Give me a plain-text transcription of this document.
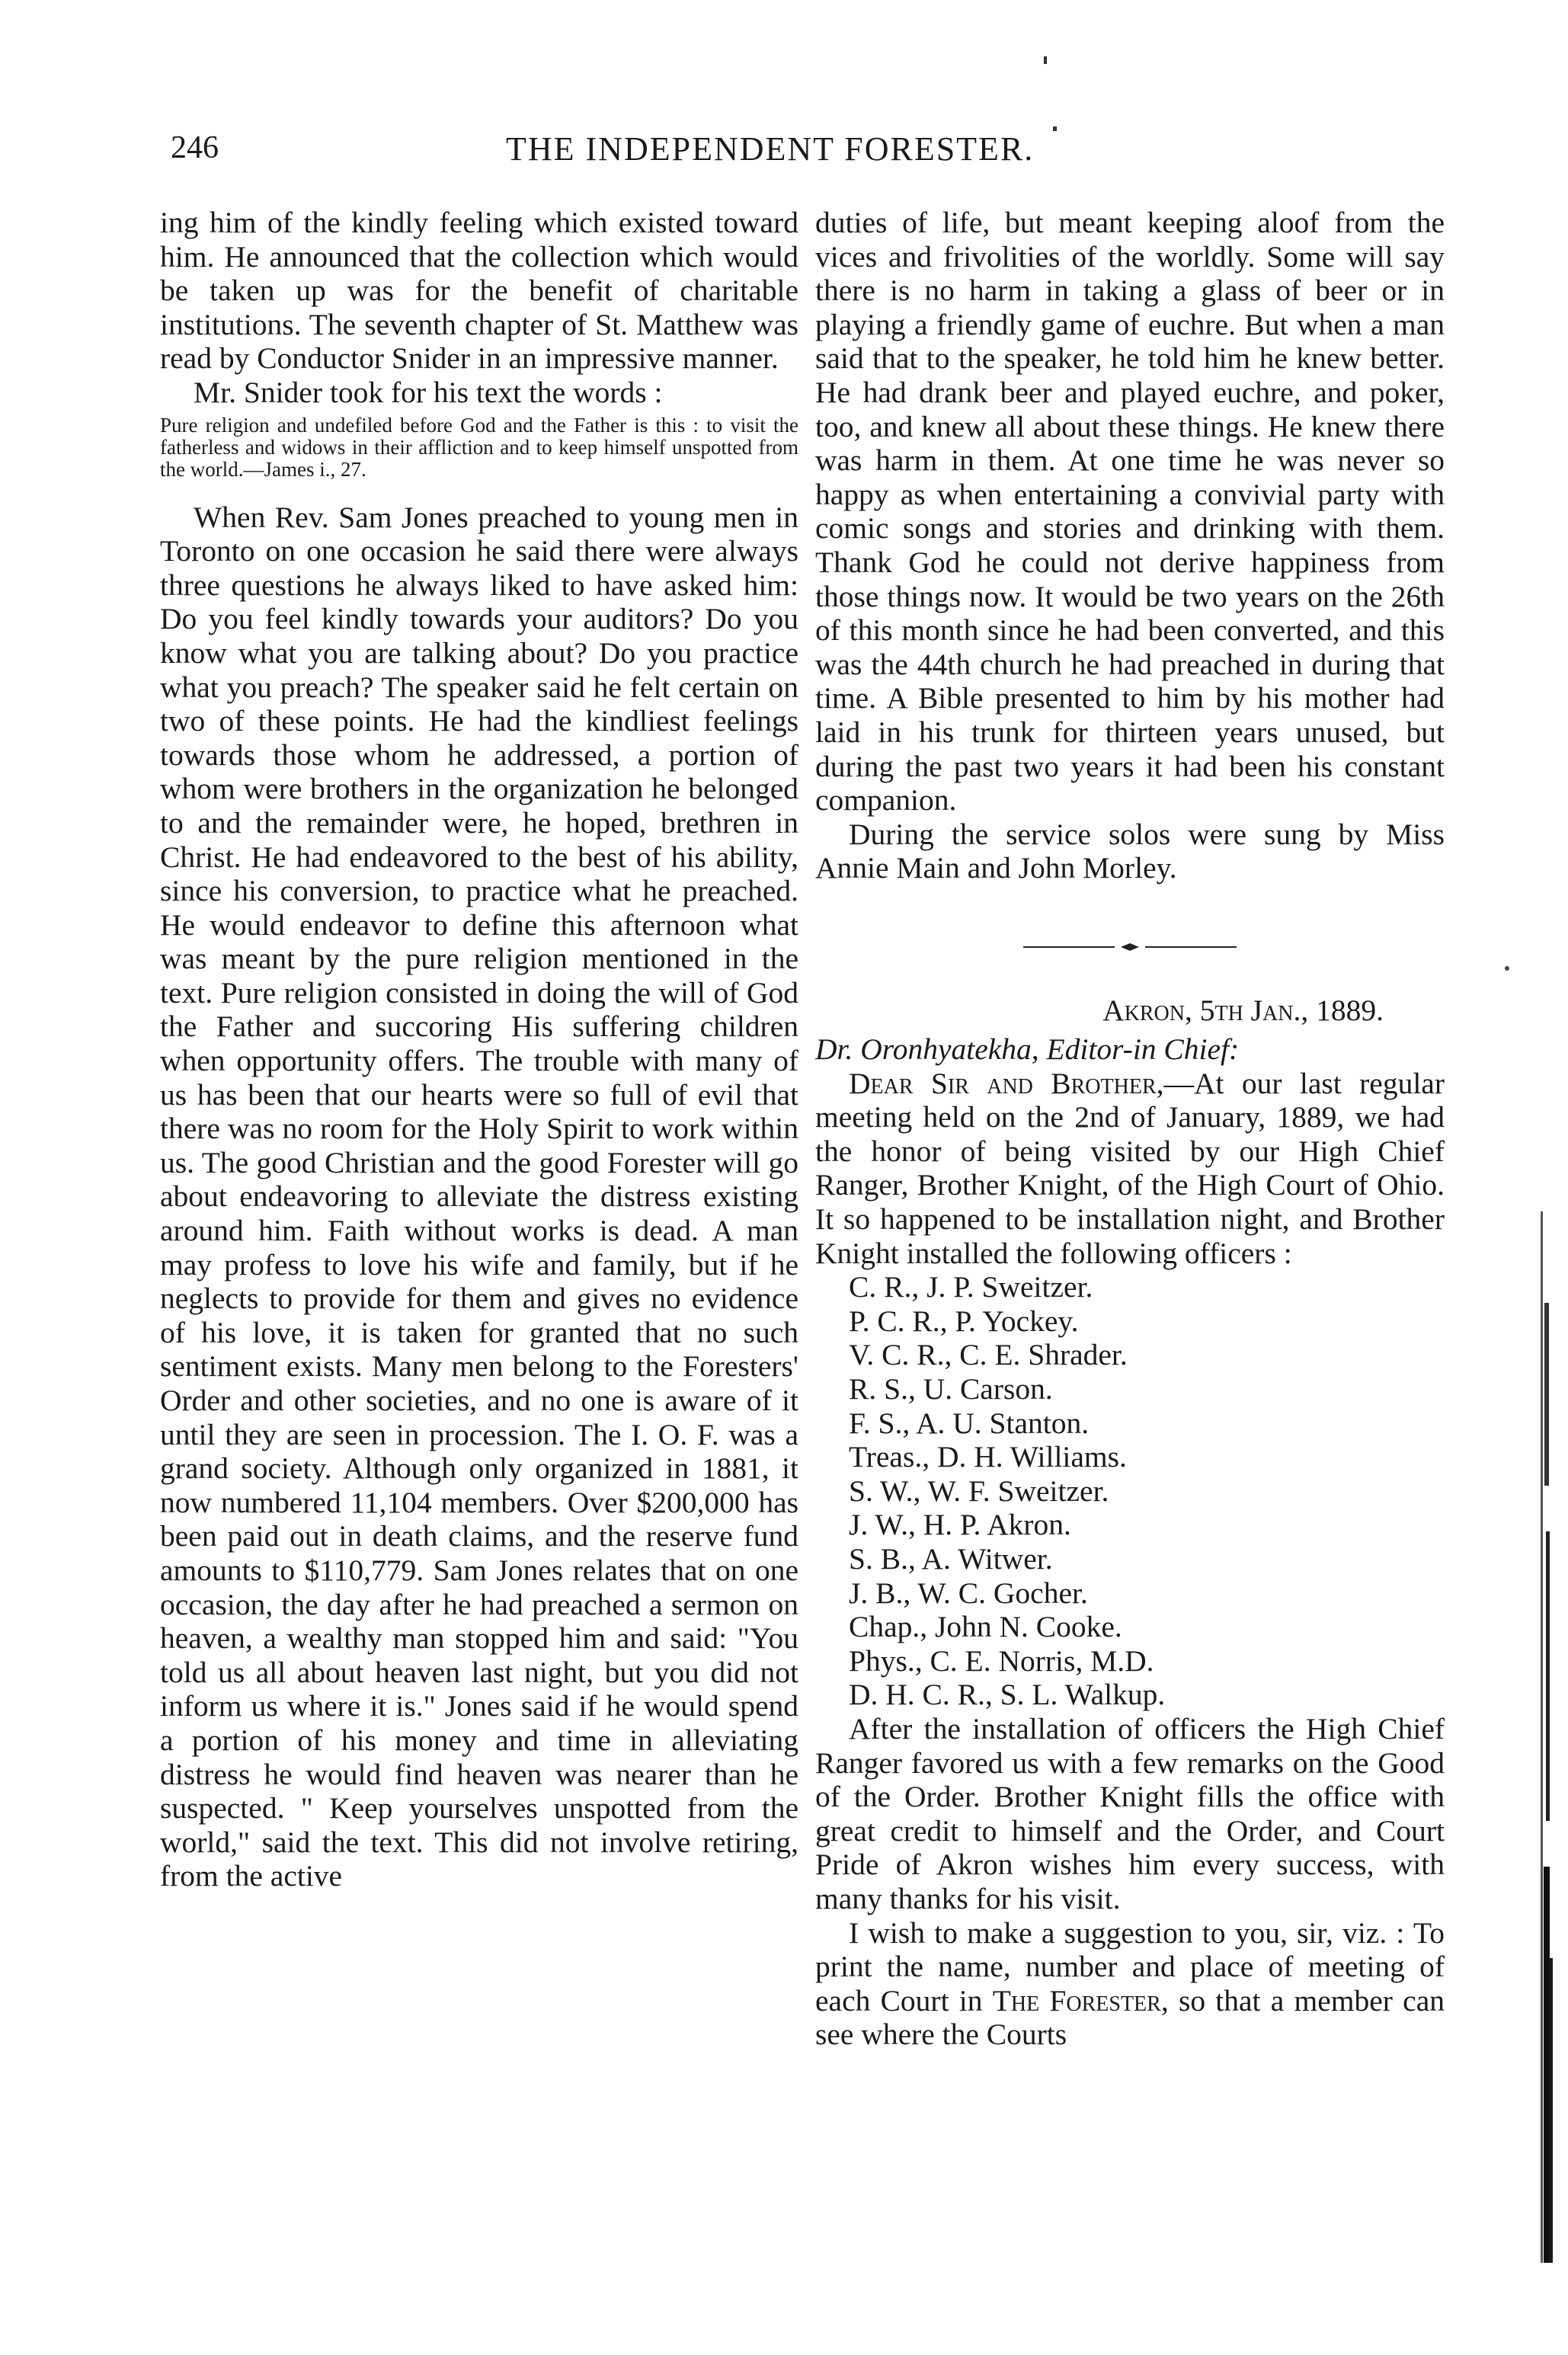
246	THE INDEPENDENT FORESTER.

ing him of the kindly feeling which existed toward him. He announced that the collection which would be taken up was for the benefit of charitable institutions. The seventh chapter of St. Matthew was read by Conductor Snider in an impressive manner.

Mr. Snider took for his text the words :

Pure religion and undefiled before God and the Father is this : to visit the fatherless and widows in their affliction and to keep himself unspotted from the world.—James i., 27.

When Rev. Sam Jones preached to young men in Toronto on one occasion he said there were always three questions he always liked to have asked him: Do you feel kindly towards your auditors? Do you know what you are talking about? Do you practice what you preach? The speaker said he felt certain on two of these points. He had the kindliest feelings towards those whom he addressed, a portion of whom were brothers in the organization he belonged to and the remainder were, he hoped, brethren in Christ. He had endeavored to the best of his ability, since his conversion, to practice what he preached. He would endeavor to define this afternoon what was meant by the pure religion mentioned in the text. Pure religion consisted in doing the will of God the Father and succoring His suffering children when opportunity offers. The trouble with many of us has been that our hearts were so full of evil that there was no room for the Holy Spirit to work within us. The good Christian and the good Forester will go about endeavoring to alleviate the distress existing around him. Faith without works is dead. A man may profess to love his wife and family, but if he neglects to provide for them and gives no evidence of his love, it is taken for granted that no such sentiment exists. Many men belong to the Foresters' Order and other societies, and no one is aware of it until they are seen in procession. The I. O. F. was a grand society. Although only organized in 1881, it now numbered 11,104 members. Over $200,000 has been paid out in death claims, and the reserve fund amounts to $110,779. Sam Jones relates that on one occasion, the day after he had preached a sermon on heaven, a wealthy man stopped him and said: "You told us all about heaven last night, but you did not inform us where it is." Jones said if he would spend a portion of his money and time in alleviating distress he would find heaven was nearer than he suspected. " Keep yourselves unspotted from the world," said the text. This did not involve retiring, from the active

duties of life, but meant keeping aloof from the vices and frivolities of the worldly. Some will say there is no harm in taking a glass of beer or in playing a friendly game of euchre. But when a man said that to the speaker, he told him he knew better. He had drank beer and played euchre, and poker, too, and knew all about these things. He knew there was harm in them. At one time he was never so happy as when entertaining a convivial party with comic songs and stories and drinking with them. Thank God he could not derive happiness from those things now. It would be two years on the 26th of this month since he had been converted, and this was the 44th church he had preached in during that time. A Bible presented to him by his mother had laid in his trunk for thirteen years unused, but during the past two years it had been his constant companion.

During the service solos were sung by Miss Annie Main and John Morley.

Akron, 5th Jan., 1889.

Dr. Oronhyatekha, Editor-in Chief:

Dear Sir and Brother,—At our last regular meeting held on the 2nd of January, 1889, we had the honor of being visited by our High Chief Ranger, Brother Knight, of the High Court of Ohio. It so happened to be installation night, and Brother Knight installed the following officers :

C. R., J. P. Sweitzer.

P. C. R., P. Yockey.

V. C. R., C. E. Shrader.

R. S., U. Carson.

F. S., A. U. Stanton.

Treas., D. H. Williams.

S. W., W. F. Sweitzer.

J. W., H. P. Akron.

S. B., A. Witwer.

J. B., W. C. Gocher.

Chap., John N. Cooke.

Phys., C. E. Norris, M.D.

D. H. C. R., S. L. Walkup.

After the installation of officers the High Chief Ranger favored us with a few remarks on the Good of the Order. Brother Knight fills the office with great credit to himself and the Order, and Court Pride of Akron wishes him every success, with many thanks for his visit.

I wish to make a suggestion to you, sir, viz. : To print the name, number and place of meeting of each Court in The Forester, so that a member can see where the Courts
